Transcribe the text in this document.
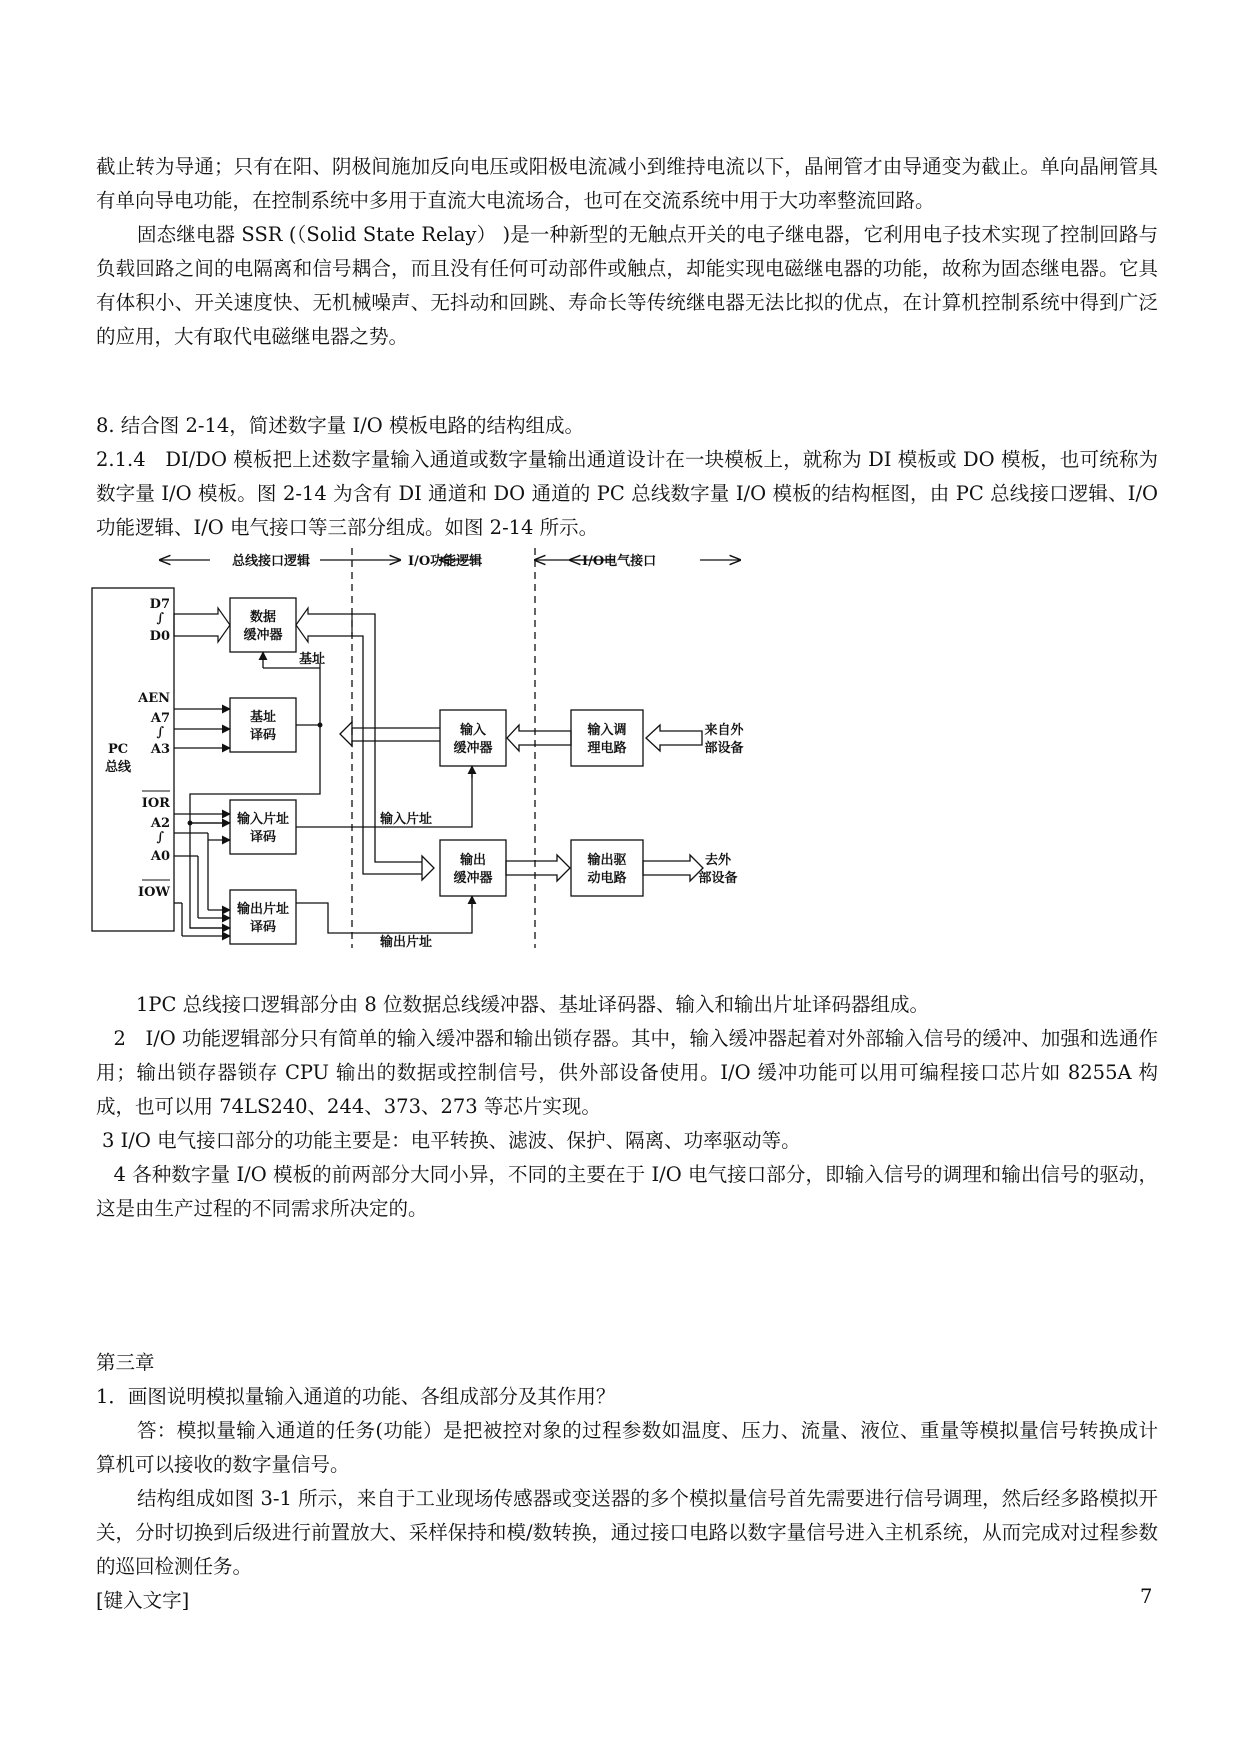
截止转为导通；只有在阳、阴极间施加反向电压或阳极电流减小到维持电流以下，晶闸管才由导通变为截止。单向晶闸管具有单向导电功能，在控制系统中多用于直流大电流场合，也可在交流系统中用于大功率整流回路。

固态继电器 SSR (（Solid State Relay） )是一种新型的无触点开关的电子继电器，它利用电子技术实现了控制回路与负载回路之间的电隔离和信号耦合，而且没有任何可动部件或触点，却能实现电磁继电器的功能，故称为固态继电器。它具有体积小、开关速度快、无机械噪声、无抖动和回跳、寿命长等传统继电器无法比拟的优点，在计算机控制系统中得到广泛的应用，大有取代电磁继电器之势。

8. 结合图 2-14，简述数字量 I/O 模板电路的结构组成。

2.1.4　DI/DO 模板把上述数字量输入通道或数字量输出通道设计在一块模板上，就称为 DI 模板或 DO 模板，也可统称为数字量 I/O 模板。图 2-14 为含有 DI 通道和 DO 通道的 PC 总线数字量 I/O 模板的结构框图，由 PC 总线接口逻辑、I/O 功能逻辑、I/O 电气接口等三部分组成。如图 2-14 所示。

总线接口逻辑	I/O功能逻辑	I/O电气接口
D7
∫
D0
AEN
A7
∫
A3
IOR
A2
∫
A0
IOW
PC
总线
数据
缓冲器
基址
译码
输入片址
译码
输出片址
译码
输入
缓冲器
输出
缓冲器
输入调
理电路
输出驱
动电路
来自外
部设备
去外
部设备
基址
输入片址
输出片址

1PC 总线接口逻辑部分由 8 位数据总线缓冲器、基址译码器、输入和输出片址译码器组成。

2　I/O 功能逻辑部分只有简单的输入缓冲器和输出锁存器。其中，输入缓冲器起着对外部输入信号的缓冲、加强和选通作用；输出锁存器锁存 CPU 输出的数据或控制信号，供外部设备使用。I/O 缓冲功能可以用可编程接口芯片如 8255A 构成，也可以用 74LS240、244、373、273 等芯片实现。

3 I/O 电气接口部分的功能主要是：电平转换、滤波、保护、隔离、功率驱动等。

4 各种数字量 I/O 模板的前两部分大同小异，不同的主要在于 I/O 电气接口部分，即输入信号的调理和输出信号的驱动，这是由生产过程的不同需求所决定的。

第三章

1．画图说明模拟量输入通道的功能、各组成部分及其作用？

答：模拟量输入通道的任务(功能）是把被控对象的过程参数如温度、压力、流量、液位、重量等模拟量信号转换成计算机可以接收的数字量信号。

结构组成如图 3-1 所示，来自于工业现场传感器或变送器的多个模拟量信号首先需要进行信号调理，然后经多路模拟开关，分时切换到后级进行前置放大、采样保持和模/数转换，通过接口电路以数字量信号进入主机系统，从而完成对过程参数的巡回检测任务。

[键入文字]	7
